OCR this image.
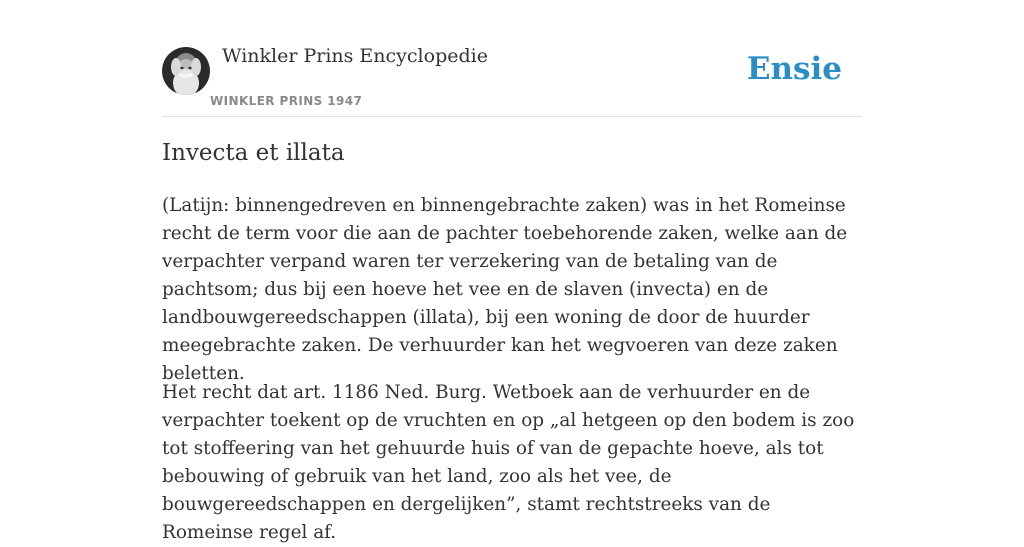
Winkler Prins Encyclopedie
WINKLER PRINS 1947
Ensie
Invecta et illata

(Latijn: binnengedreven en binnengebrachte zaken) was in het Romeinse recht de term voor die aan de pachter toebehorende zaken, welke aan de verpachter verpand waren ter verzekering van de betaling van de pachtsom; dus bij een hoeve het vee en de slaven (invecta) en de landbouwgereedschappen (illata), bij een woning de door de huurder meegebrachte zaken. De verhuurder kan het wegvoeren van deze zaken beletten.

Het recht dat art. 1186 Ned. Burg. Wetboek aan de verhuurder en de verpachter toekent op de vruchten en op „al hetgeen op den bodem is zoo tot stoffeering van het gehuurde huis of van de gepachte hoeve, als tot bebouwing of gebruik van het land, zoo als het vee, de bouwgereedschappen en dergelijken”, stamt rechtstreeks van de Romeinse regel af.
